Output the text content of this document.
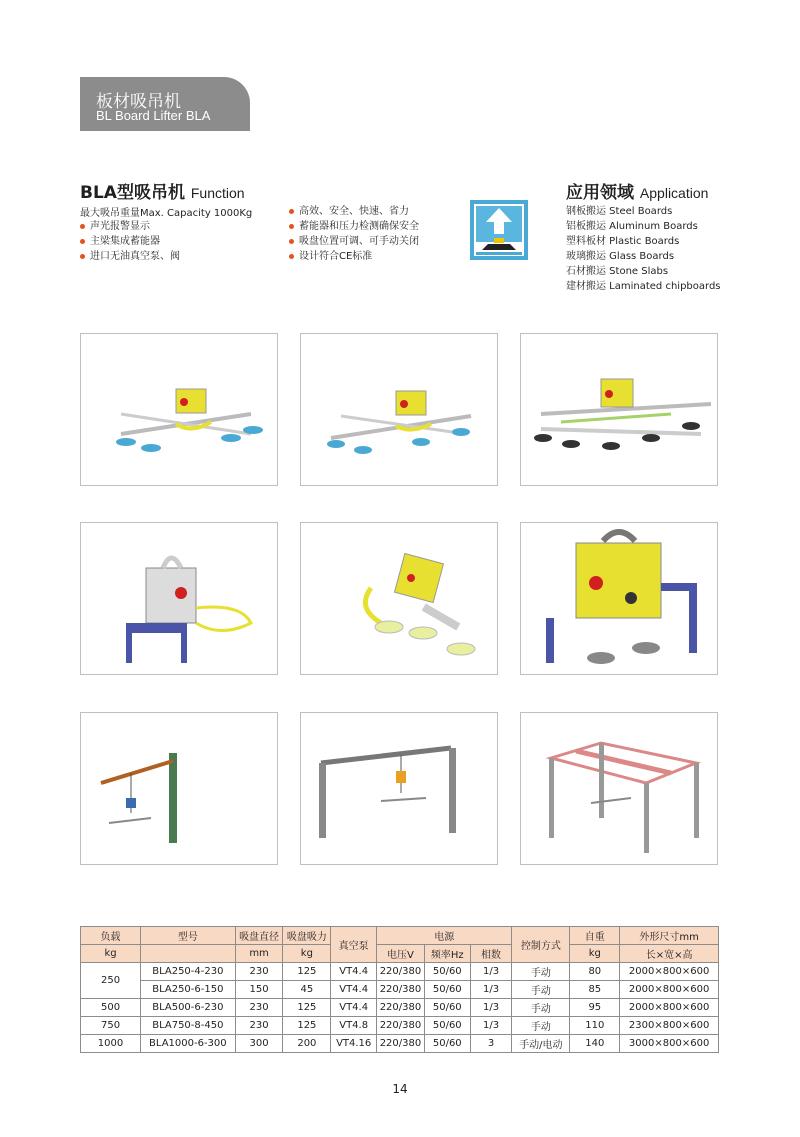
板材吸吊机
BL Board Lifter BLA
BLA型吸吊机 Function
最大吸吊重量Max. Capacity 1000Kg
声光报警显示
主梁集成蓄能器
进口无油真空泵、阀
高效、安全、快速、省力
蓄能器和压力检测确保安全
吸盘位置可调、可手动关闭
设计符合CE标准
应用领域 Application
钢板搬运 Steel Boards
铝板搬运 Aluminum Boards
塑料板材 Plastic Boards
玻璃搬运 Glass Boards
石材搬运 Stone Slabs
建材搬运 Laminated chipboards
负载	型号	吸盘直径	吸盘吸力	真空泵	电源			控制方式	自重	外形尺寸mm
kg		mm	kg		电压V	频率Hz	相数		kg	长×宽×高
250	BLA250-4-230	230	125	VT4.4	220/380	50/60	1/3	手动	80	2000×800×600
	BLA250-6-150	150	45	VT4.4	220/380	50/60	1/3	手动	85	2000×800×600
500	BLA500-6-230	230	125	VT4.4	220/380	50/60	1/3	手动	95	2000×800×600
750	BLA750-8-450	230	125	VT4.8	220/380	50/60	1/3	手动	110	2300×800×600
1000	BLA1000-6-300	300	200	VT4.16	220/380	50/60	3	手动/电动	140	3000×800×600
14
